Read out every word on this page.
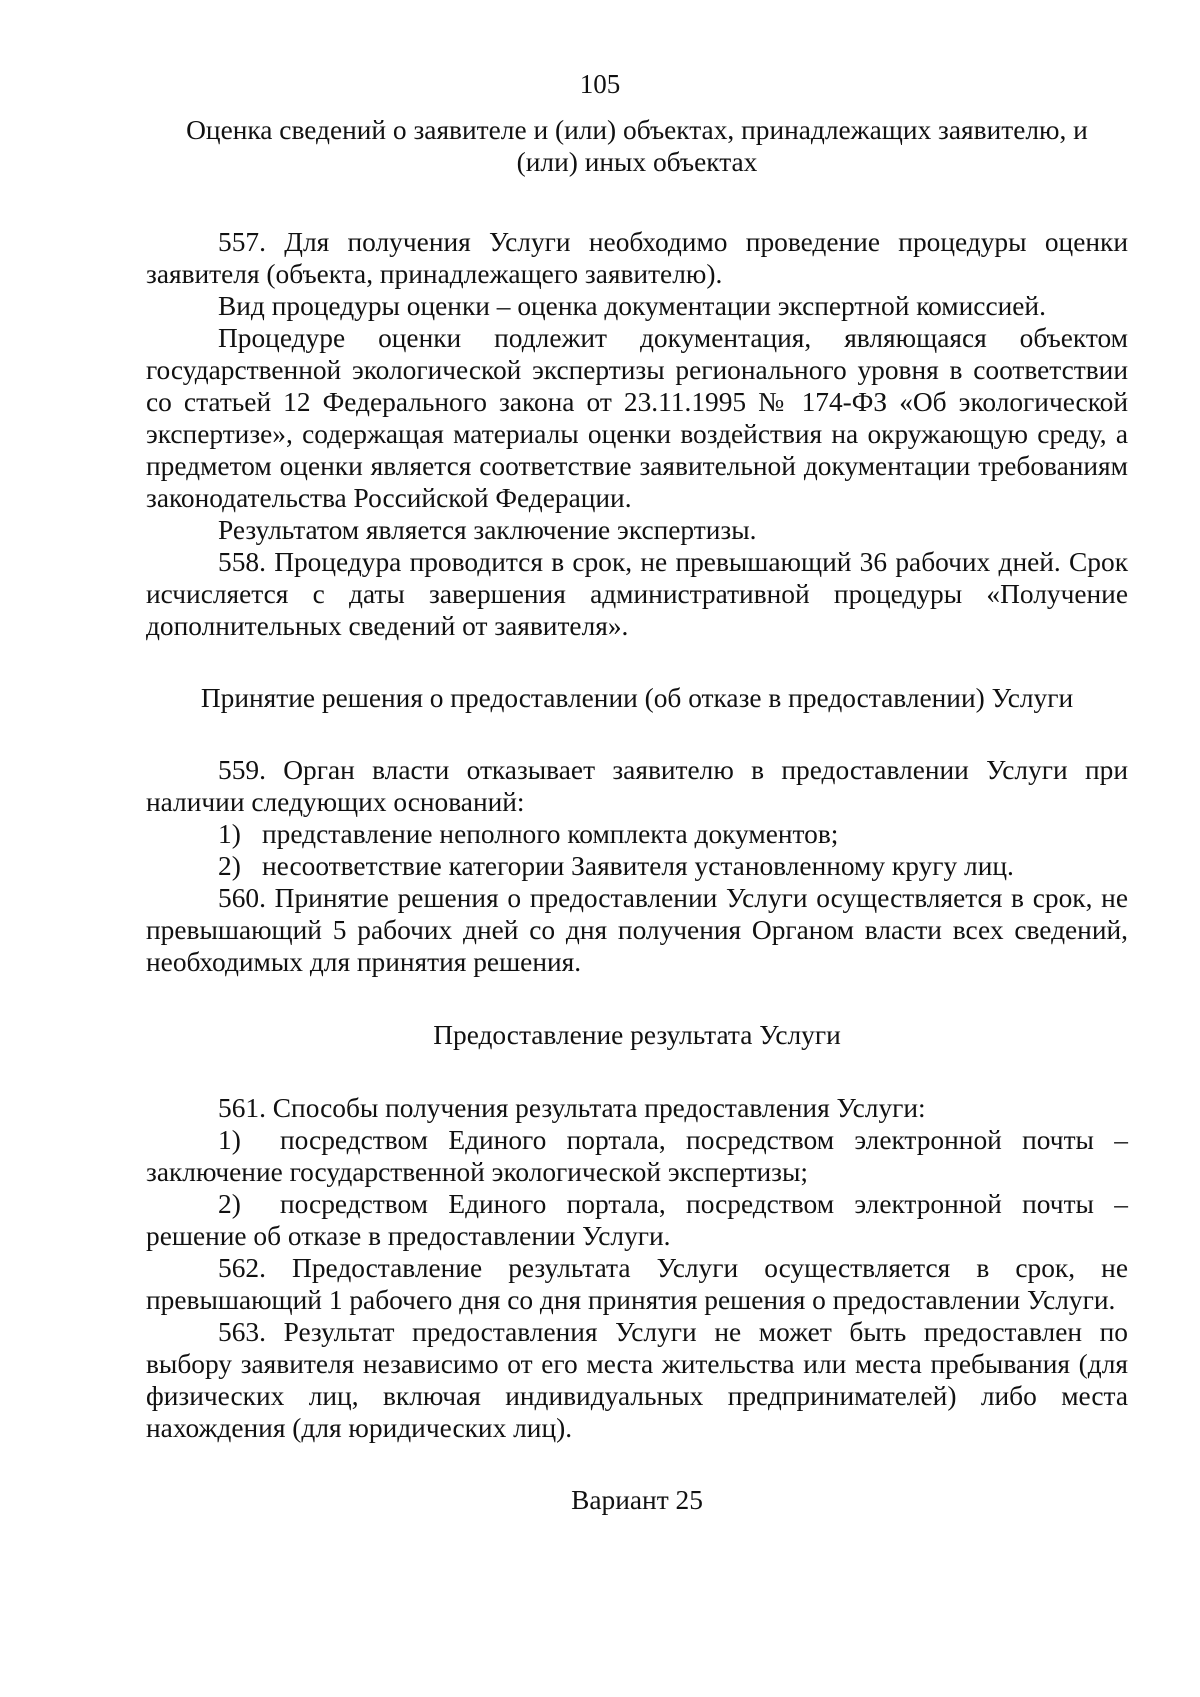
105
Оценка сведений о заявителе и (или) объектах, принадлежащих заявителю, и (или) иных объектах

557. Для получения Услуги необходимо проведение процедуры оценки заявителя (объекта, принадлежащего заявителю).

Вид процедуры оценки – оценка документации экспертной комиссией.

Процедуре оценки подлежит документация, являющаяся объектом государственной экологической экспертизы регионального уровня в соответствии со статьей 12 Федерального закона от 23.11.1995 № 174-ФЗ «Об экологической экспертизе», содержащая материалы оценки воздействия на окружающую среду, а предметом оценки является соответствие заявительной документации требованиям законодательства Российской Федерации.

Результатом является заключение экспертизы.

558. Процедура проводится в срок, не превышающий 36 рабочих дней. Срок исчисляется с даты завершения административной процедуры «Получение дополнительных сведений от заявителя».

Принятие решения о предоставлении (об отказе в предоставлении) Услуги

559. Орган власти отказывает заявителю в предоставлении Услуги при наличии следующих оснований:

1) представление неполного комплекта документов;

2) несоответствие категории Заявителя установленному кругу лиц.

560. Принятие решения о предоставлении Услуги осуществляется в срок, не превышающий 5 рабочих дней со дня получения Органом власти всех сведений, необходимых для принятия решения.

Предоставление результата Услуги

561. Способы получения результата предоставления Услуги:

1) посредством Единого портала, посредством электронной почты – заключение государственной экологической экспертизы;

2) посредством Единого портала, посредством электронной почты – решение об отказе в предоставлении Услуги.

562. Предоставление результата Услуги осуществляется в срок, не превышающий 1 рабочего дня со дня принятия решения о предоставлении Услуги.

563. Результат предоставления Услуги не может быть предоставлен по выбору заявителя независимо от его места жительства или места пребывания (для физических лиц, включая индивидуальных предпринимателей) либо места нахождения (для юридических лиц).

Вариант 25
